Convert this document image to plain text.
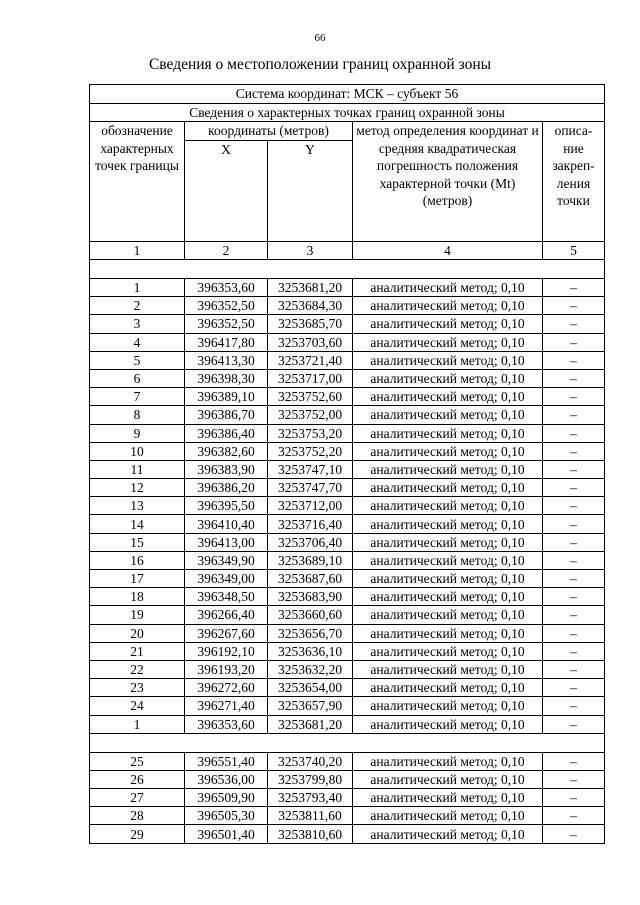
66
Сведения о местоположении границ охранной зоны
Система координат: МСК – субъект 56				
Сведения о характерных точках границ охранной зоны				
обозначение характерных точек границы	координаты (метров)		метод определения координат и средняя квадратическая погрешность положения характерной точки (Mt) (метров)	описа-ние закреп-ления точки
	X	Y		
1	2	3	4	5

1	396353,60	3253681,20	аналитический метод; 0,10	–
2	396352,50	3253684,30	аналитический метод; 0,10	–
3	396352,50	3253685,70	аналитический метод; 0,10	–
4	396417,80	3253703,60	аналитический метод; 0,10	–
5	396413,30	3253721,40	аналитический метод; 0,10	–
6	396398,30	3253717,00	аналитический метод; 0,10	–
7	396389,10	3253752,60	аналитический метод; 0,10	–
8	396386,70	3253752,00	аналитический метод; 0,10	–
9	396386,40	3253753,20	аналитический метод; 0,10	–
10	396382,60	3253752,20	аналитический метод; 0,10	–
11	396383,90	3253747,10	аналитический метод; 0,10	–
12	396386,20	3253747,70	аналитический метод; 0,10	–
13	396395,50	3253712,00	аналитический метод; 0,10	–
14	396410,40	3253716,40	аналитический метод; 0,10	–
15	396413,00	3253706,40	аналитический метод; 0,10	–
16	396349,90	3253689,10	аналитический метод; 0,10	–
17	396349,00	3253687,60	аналитический метод; 0,10	–
18	396348,50	3253683,90	аналитический метод; 0,10	–
19	396266,40	3253660,60	аналитический метод; 0,10	–
20	396267,60	3253656,70	аналитический метод; 0,10	–
21	396192,10	3253636,10	аналитический метод; 0,10	–
22	396193,20	3253632,20	аналитический метод; 0,10	–
23	396272,60	3253654,00	аналитический метод; 0,10	–
24	396271,40	3253657,90	аналитический метод; 0,10	–
1	396353,60	3253681,20	аналитический метод; 0,10	–

25	396551,40	3253740,20	аналитический метод; 0,10	–
26	396536,00	3253799,80	аналитический метод; 0,10	–
27	396509,90	3253793,40	аналитический метод; 0,10	–
28	396505,30	3253811,60	аналитический метод; 0,10	–
29	396501,40	3253810,60	аналитический метод; 0,10	–
